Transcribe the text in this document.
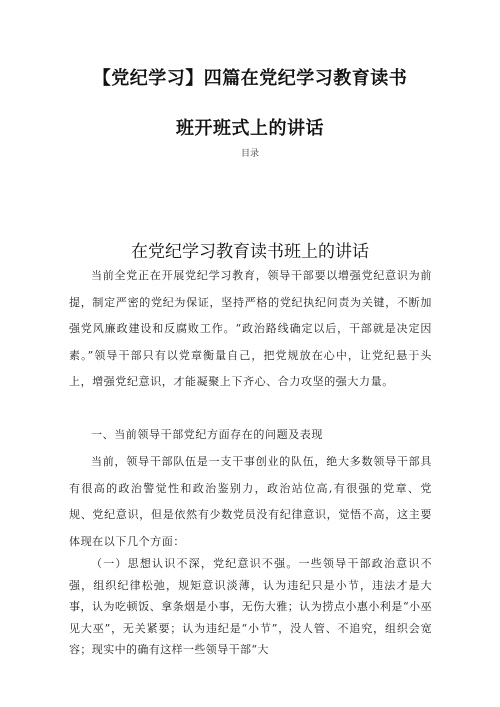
【党纪学习】四篇在党纪学习教育读书
班开班式上的讲话
目录
在党纪学习教育读书班上的讲话

当前全党正在开展党纪学习教育，领导干部要以增强党纪意识为前提，制定严密的党纪为保证，坚持严格的党纪执纪问责为关键，不断加强党风廉政建设和反腐败工作。“政治路线确定以后，干部就是决定因素。”领导干部只有以党章衡量自己，把党规放在心中，让党纪悬于头上，增强党纪意识，才能凝聚上下齐心、合力攻坚的强大力量。

一、当前领导干部党纪方面存在的问题及表现

当前，领导干部队伍是一支干事创业的队伍，绝大多数领导干部具有很高的政治警觉性和政治鉴别力，政治站位高,有很强的党章、党规、党纪意识，但是依然有少数党员没有纪律意识，觉悟不高，这主要体现在以下几个方面：

（一）思想认识不深，党纪意识不强。一些领导干部政治意识不强，组织纪律松弛，规矩意识淡薄，认为违纪只是小节，违法才是大事，认为吃顿饭、拿条烟是小事，无伤大雅；认为捞点小惠小利是“小巫见大巫”，无关紧要；认为违纪是“小节”，没人管、不追究，组织会宽容；现实中的确有这样一些领导干部“大
